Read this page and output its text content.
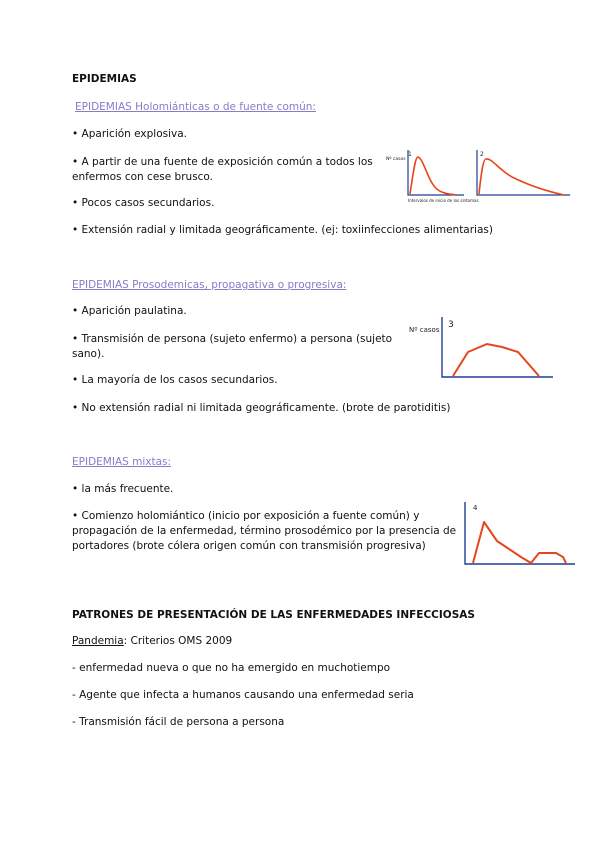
EPIDEMIAS

EPIDEMIAS Holomiánticas o de fuente común:

• Aparición explosiva.

• A partir de una fuente de exposición común a todos los

enfermos con cese brusco.

• Pocos casos secundarios.

• Extensión radial y limitada geográficamente. (ej: toxiinfecciones alimentarias)

Nº casos
1	2
Intervalos de inicio de los síntomas

EPIDEMIAS Prosodemicas, propagativa o progresiva:

• Aparición paulatina.

• Transmisión de persona (sujeto enfermo) a persona (sujeto

sano).

• La mayoría de los casos secundarios.

• No extensión radial ni limitada geográficamente. (brote de parotiditis)

Nº casos 3

EPIDEMIAS mixtas:

• la más frecuente.

• Comienzo holomiántico (inicio por exposición a fuente común) y

propagación de la enfermedad, término prosodémico por la presencia de

portadores (brote cólera origen común con transmisión progresiva)

4

PATRONES DE PRESENTACIÓN DE LAS ENFERMEDADES INFECCIOSAS

Pandemia: Criterios OMS 2009

- enfermedad nueva o que no ha emergido en muchotiempo

- Agente que infecta a humanos causando una enfermedad seria

- Transmisión fácil de persona a persona
